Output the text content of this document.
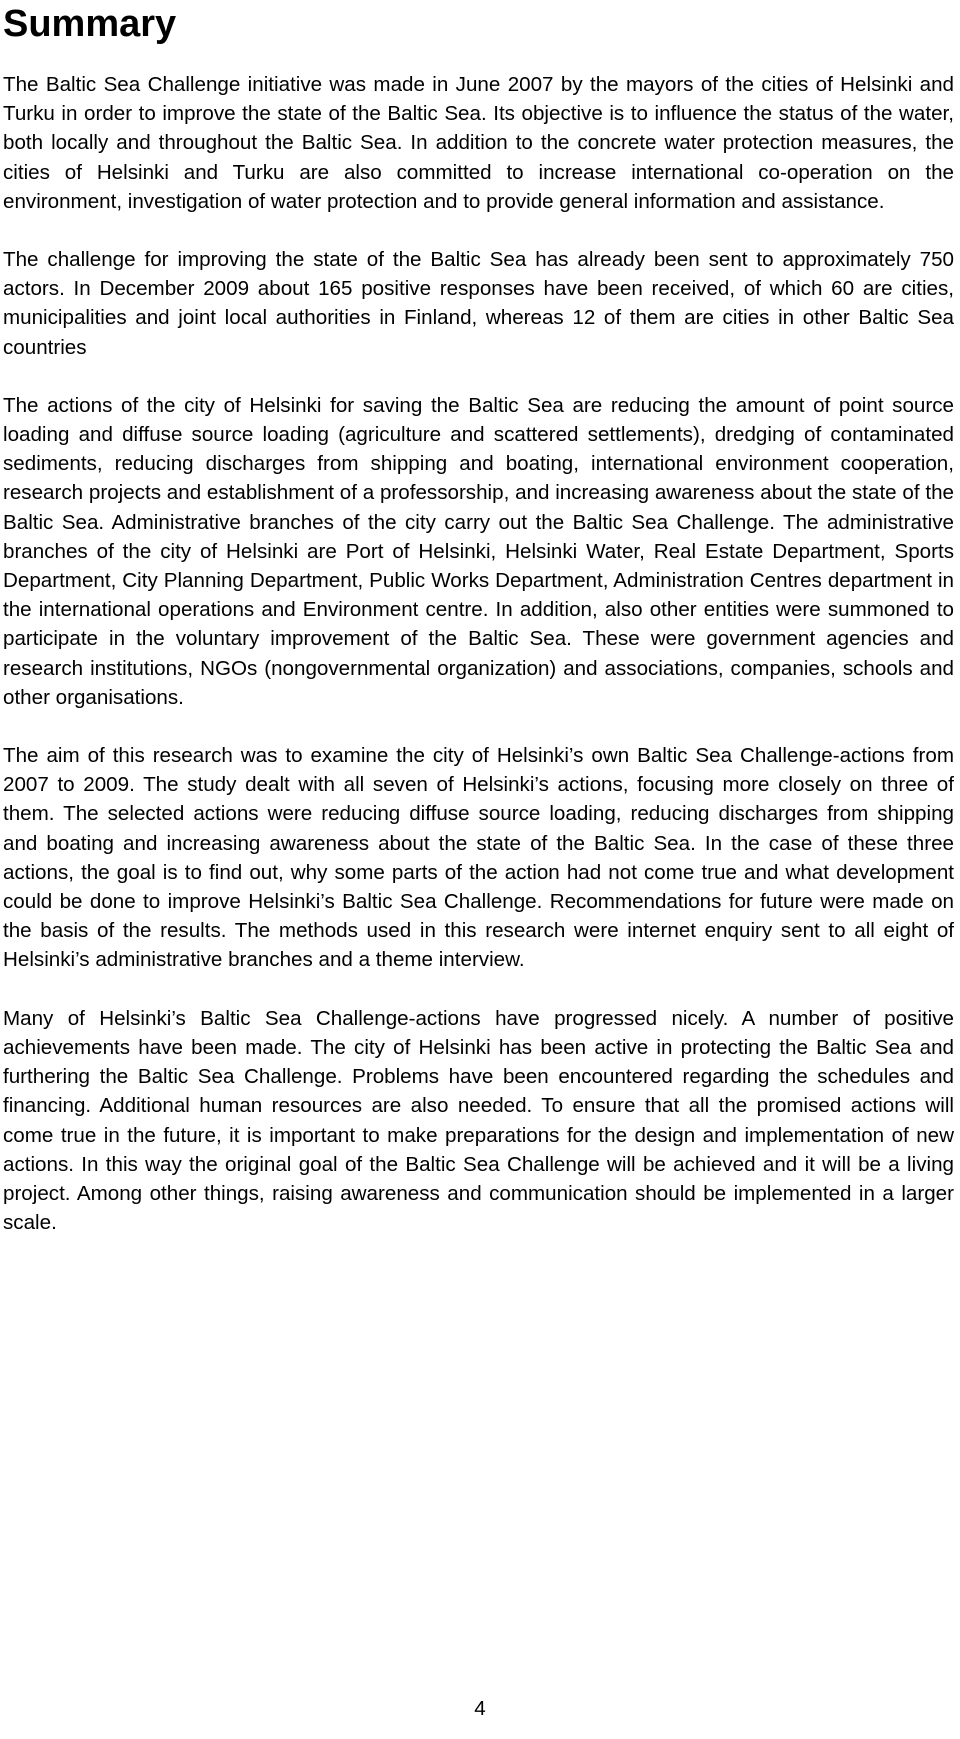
Summary

The Baltic Sea Challenge initiative was made in June 2007 by the mayors of the cities of Helsinki and Turku in order to improve the state of the Baltic Sea. Its objective is to influence the status of the water, both locally and throughout the Baltic Sea. In addition to the concrete water protection measures, the cities of Helsinki and Turku are also committed to increase international co-operation on the environment, investigation of water protection and to provide general information and assistance.

The challenge for improving the state of the Baltic Sea has already been sent to approximately 750 actors. In December 2009 about 165 positive responses have been received, of which 60 are cities, municipalities and joint local authorities in Finland, whereas 12 of them are cities in other Baltic Sea countries

The actions of the city of Helsinki for saving the Baltic Sea are reducing the amount of point source loading and diffuse source loading (agriculture and scattered settlements), dredging of contaminated sediments, reducing discharges from shipping and boating, international environment cooperation, research projects and establishment of a professorship, and increasing awareness about the state of the Baltic Sea. Administrative branches of the city carry out the Baltic Sea Challenge. The administrative branches of the city of Helsinki are Port of Helsinki, Helsinki Water, Real Estate Department, Sports Department, City Planning Department, Public Works Department, Administration Centres department in the international operations and Environment centre. In addition, also other entities were summoned to participate in the voluntary improvement of the Baltic Sea. These were government agencies and research institutions, NGOs (nongovernmental organization) and associations, companies, schools and other organisations.

The aim of this research was to examine the city of Helsinki’s own Baltic Sea Challenge-actions from 2007 to 2009. The study dealt with all seven of Helsinki’s actions, focusing more closely on three of them. The selected actions were reducing diffuse source loading, reducing discharges from shipping and boating and increasing awareness about the state of the Baltic Sea. In the case of these three actions, the goal is to find out, why some parts of the action had not come true and what development could be done to improve Helsinki’s Baltic Sea Challenge. Recommendations for future were made on the basis of the results. The methods used in this research were internet enquiry sent to all eight of Helsinki’s administrative branches and a theme interview.

Many of Helsinki’s Baltic Sea Challenge-actions have progressed nicely. A number of positive achievements have been made. The city of Helsinki has been active in protecting the Baltic Sea and furthering the Baltic Sea Challenge. Problems have been encountered regarding the schedules and financing. Additional human resources are also needed. To ensure that all the promised actions will come true in the future, it is important to make preparations for the design and implementation of new actions. In this way the original goal of the Baltic Sea Challenge will be achieved and it will be a living project. Among other things, raising awareness and communication should be implemented in a larger scale.

4
